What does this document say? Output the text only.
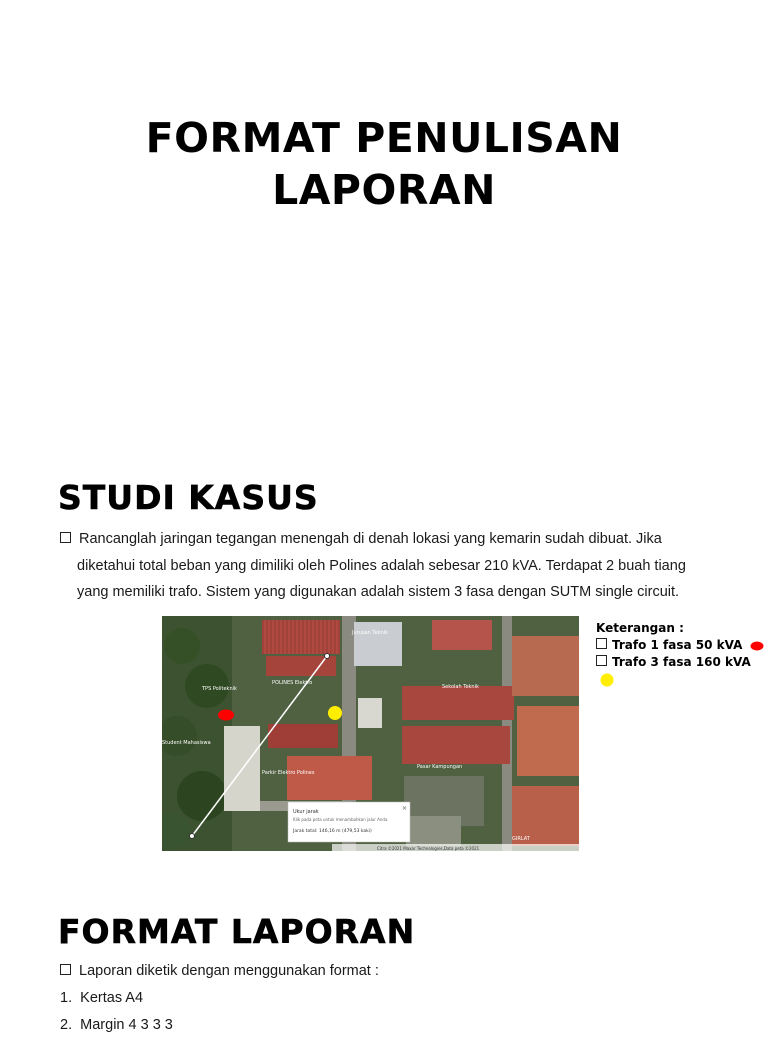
FORMAT PENULISAN
LAPORAN
STUDI KASUS
Rancanglah jaringan tegangan menengah di denah lokasi yang kemarin sudah dibuat. Jika
diketahui total beban yang dimiliki oleh Polines adalah sebesar 210 kVA. Terdapat 2 buah tiang
yang memiliki trafo. Sistem yang digunakan adalah sistem 3 fasa dengan SUTM single circuit.
TPS Politeknik
POLINES Elektro
Jurusan Teknik
Sekolah Teknik
Student Mahasiswa
Parkir Elektro Polines
Pasar Kampungan
GIRLAT
Ukur jarak
Klik pada peta untuk menambahkan jalur Anda
Jarak total: 146,16 m (479,53 kaki)
×
Citra ©2021 Maxar Technologies,Data peta ©2021
Keterangan :
Trafo 1 fasa 50 kVA
Trafo 3 fasa 160 kVA
FORMAT LAPORAN
Laporan diketik dengan menggunakan format :
1. Kertas A4
2. Margin 4 3 3 3
